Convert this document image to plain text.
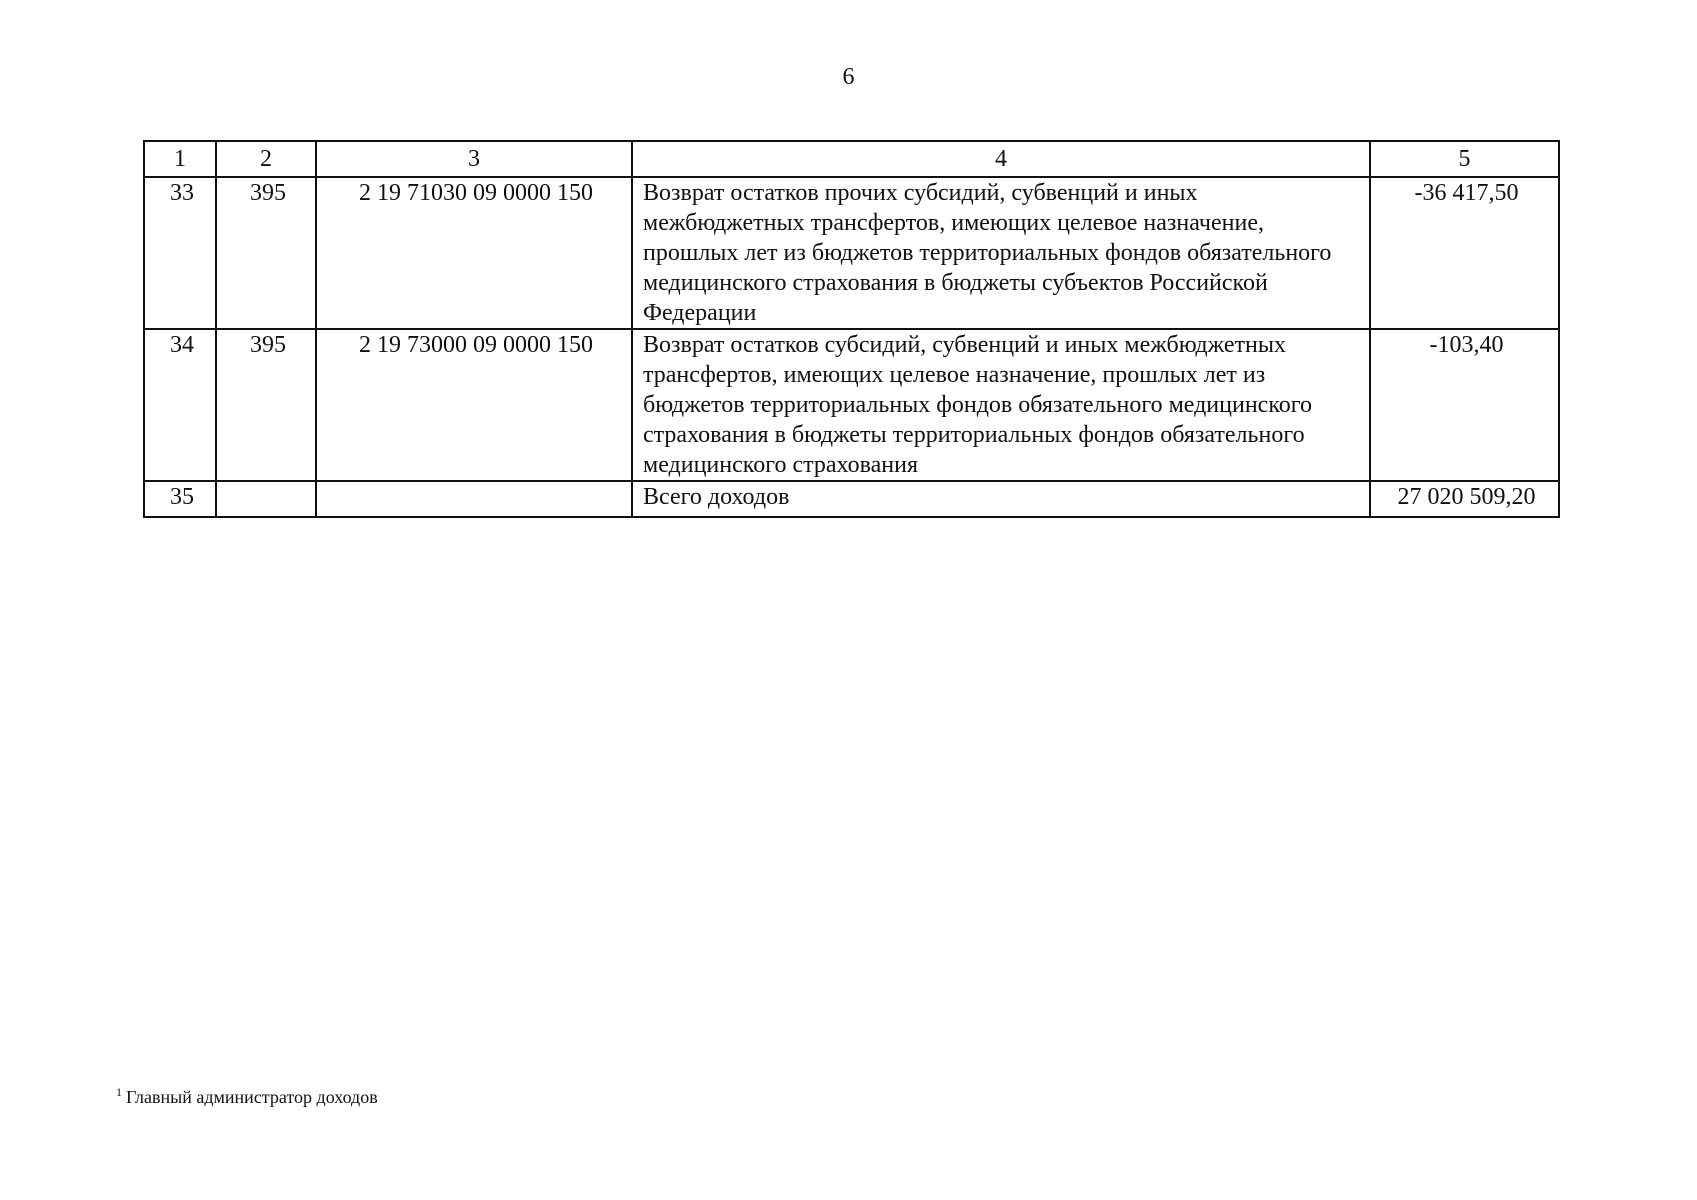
6
1	2	3	4	5
33	395	2 19 71030 09 0000 150	Возврат остатков прочих субсидий, субвенций и иных межбюджетных трансфертов, имеющих целевое назначение, прошлых лет из бюджетов территориальных фондов обязательного медицинского страхования в бюджеты субъектов Российской Федерации	-36 417,50
34	395	2 19 73000 09 0000 150	Возврат остатков субсидий, субвенций и иных межбюджетных трансфертов, имеющих целевое назначение, прошлых лет из бюджетов территориальных фондов обязательного медицинского страхования в бюджеты территориальных фондов обязательного медицинского страхования	-103,40
35			Всего доходов	27 020 509,20
$^1$ Главный администратор доходов
